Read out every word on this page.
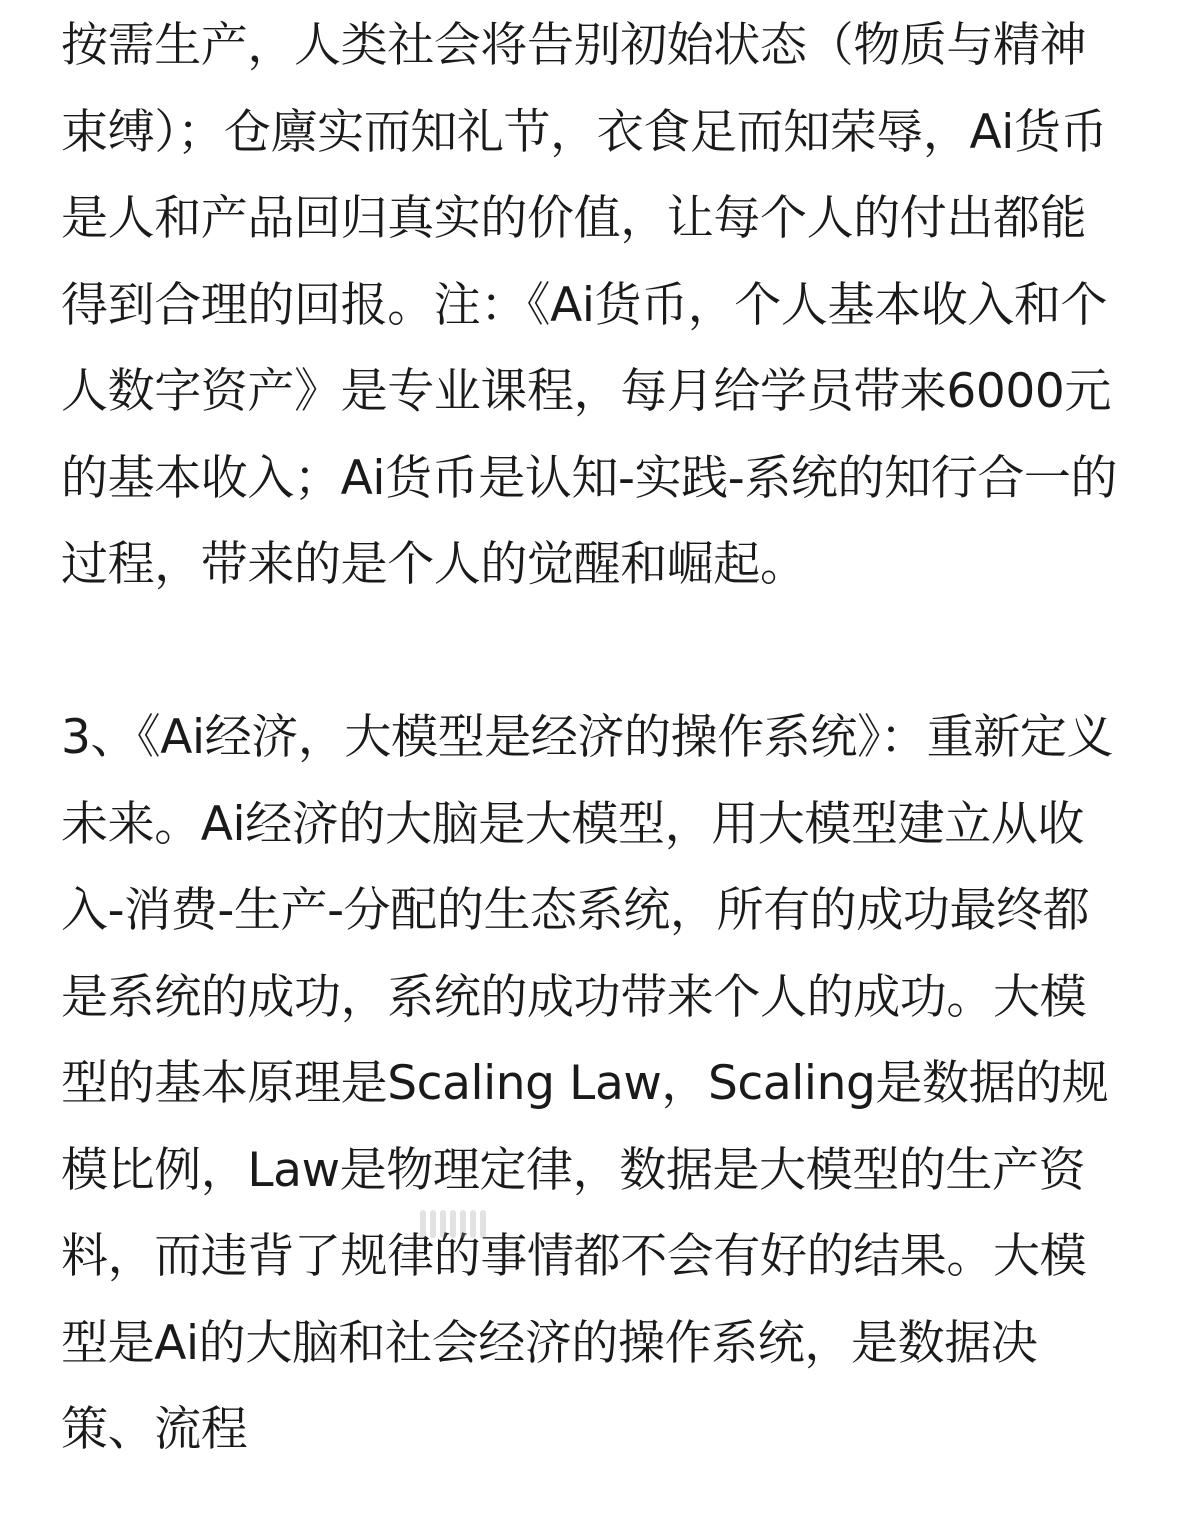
按需生产，人类社会将告别初始状态（物质与精神束缚）；仓廪实而知礼节，衣食足而知荣辱，Ai货币是人和产品回归真实的价值，让每个人的付出都能得到合理的回报。注：《Ai货币，个人基本收入和个人数字资产》是专业课程，每月给学员带来6000元的基本收入；Ai货币是认知-实践-系统的知行合一的过程，带来的是个人的觉醒和崛起。

3、《Ai经济，大模型是经济的操作系统》：重新定义未来。Ai经济的大脑是大模型，用大模型建立从收入-消费-生产-分配的生态系统，所有的成功最终都是系统的成功，系统的成功带来个人的成功。大模型的基本原理是Scaling Law，Scaling是数据的规模比例，Law是物理定律，数据是大模型的生产资料，而违背了规律的事情都不会有好的结果。大模型是Ai的大脑和社会经济的操作系统，是数据决策、流程
